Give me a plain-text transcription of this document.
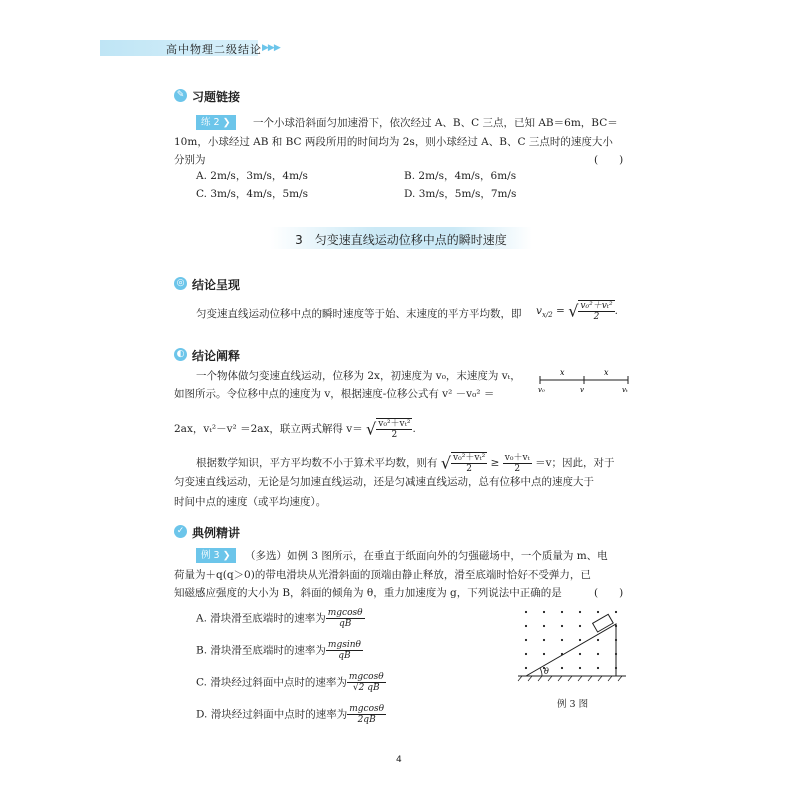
高中物理二级结论 ▶▶▶
✎ 习题链接
练 2 ❯	一个小球沿斜面匀加速滑下，依次经过 A、B、C 三点，已知 AB＝6m，BC＝
10m，小球经过 AB 和 BC 两段所用的时间均为 2s，则小球经过 A、B、C 三点时的速度大小
分别为	(　　)
A. 2m/s，3m/s，4m/s	B. 2m/s，4m/s，6m/s
C. 3m/s，4m/s，5m/s	D. 3m/s，5m/s，7m/s
3　匀变速直线运动位移中点的瞬时速度
◎ 结论呈现
匀变速直线运动位移中点的瞬时速度等于始、末速度的平方平均数，即 $v_{x/2}$ = √ $\frac{\text{v₀²＋vₜ²}}{2}$ .
◐ 结论阐释
一个物体做匀变速直线运动，位移为 2x，初速度为 v₀，末速度为 vₜ，
如图所示。令位移中点的速度为 v，根据速度-位移公式有 v² －v₀² ＝
x	x
v₀	v	vₜ
2ax，vₜ²－v² ＝2ax，联立两式解得 v＝ √ $\frac{\text{v₀²＋vₜ²}}{2}$ .
根据数学知识，平方平均数不小于算术平均数，则有 √ $\frac{\text{v₀²＋vₜ²}}{2} \ge \frac{\text{v₀＋vₜ}}{2} =v$；因此，对于
匀变速直线运动，无论是匀加速直线运动，还是匀减速直线运动，总有位移中点的速度大于
时间中点的速度（或平均速度）。
✓ 典例精讲
例 3 ❯	（多选）如例 3 图所示，在垂直于纸面向外的匀强磁场中，一个质量为 m、电
荷量为＋q(q＞0)的带电滑块从光滑斜面的顶端由静止释放，滑至底端时恰好不受弹力，已
知磁感应强度的大小为 B，斜面的倾角为 θ，重力加速度为 g，下列说法中正确的是	(　　)
A. 滑块滑至底端时的速率为 $\frac{mgcos\theta}{qB}$
B. 滑块滑至底端时的速率为 $\frac{mgsin\theta}{qB}$
C. 滑块经过斜面中点时的速率为 $\frac{mgcos\theta}{√2 qB}$
D. 滑块经过斜面中点时的速率为 $\frac{mgcos\theta}{2qB}$
θ
例 3 图
4
